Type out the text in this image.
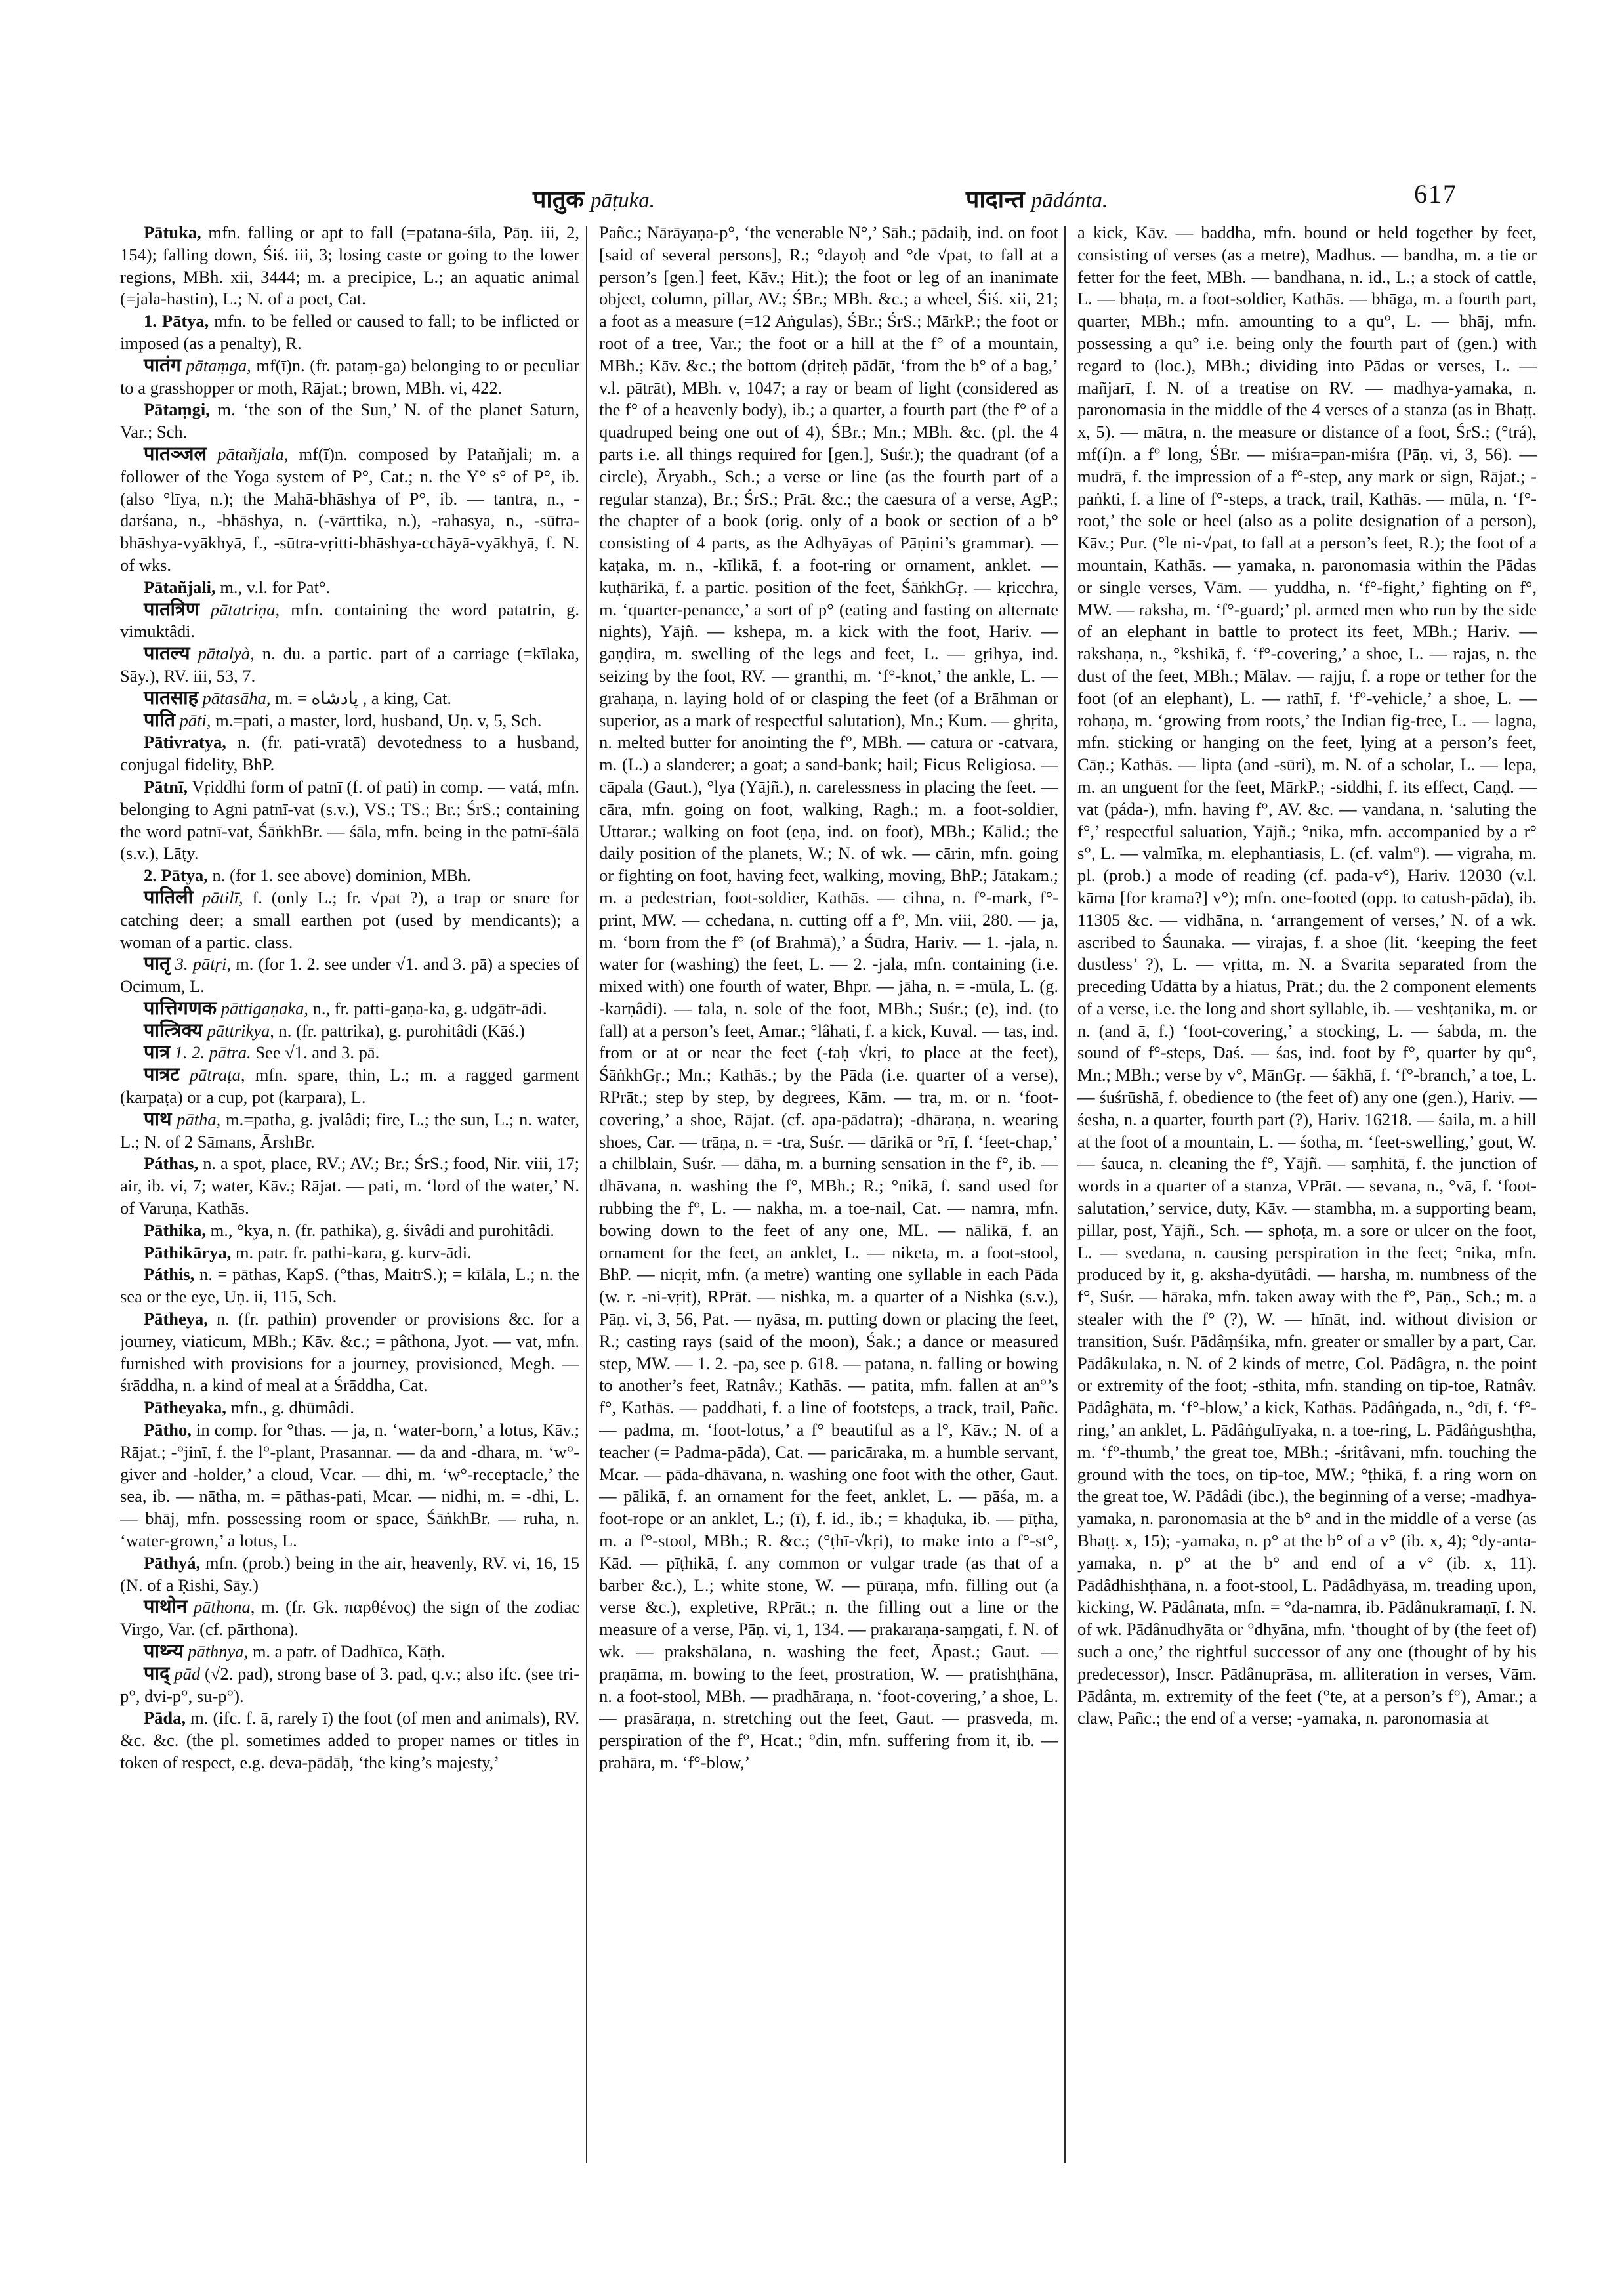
पातुक pāṭuka.	पादान्त pādánta.	617

Pātuka, mfn. falling or apt to fall (=patana-śīla, Pāṇ. iii, 2, 154); falling down, Śiś. iii, 3; losing caste or going to the lower regions, MBh. xii, 3444; m. a precipice, L.; an aquatic animal (=jala-hastin), L.; N. of a poet, Cat.

1. Pātya, mfn. to be felled or caused to fall; to be inflicted or imposed (as a penalty), R.

पातंग pātaṃga, mf(ī)n. (fr. pataṃ-ga) belonging to or peculiar to a grasshopper or moth, Rājat.; brown, MBh. vi, 422.

Pātaṃgi, m. ‘the son of the Sun,’ N. of the planet Saturn, Var.; Sch.

पातञ्जल pātañjala, mf(ī)n. composed by Patañjali; m. a follower of the Yoga system of P°, Cat.; n. the Y° s° of P°, ib. (also °līya, n.); the Mahā-bhāshya of P°, ib. — tantra, n., -darśana, n., -bhāshya, n. (-vārttika, n.), -rahasya, n., -sūtra-bhāshya-vyākhyā, f., -sūtra-vṛitti-bhāshya-cchāyā-vyākhyā, f. N. of wks.

Pātañjali, m., v.l. for Pat°.

पातत्रिण pātatriṇa, mfn. containing the word patatrin, g. vimuktâdi.

पातल्य pātalyà, n. du. a partic. part of a carriage (=kīlaka, Sāy.), RV. iii, 53, 7.

पातसाह pātasāha, m. = پادشاه , a king, Cat.

पाति pāti, m.=pati, a master, lord, husband, Uṇ. v, 5, Sch.

Pātivratya, n. (fr. pati-vratā) devotedness to a husband, conjugal fidelity, BhP.

Pātnī, Vṛiddhi form of patnī (f. of pati) in comp. — vatá, mfn. belonging to Agni patnī-vat (s.v.), VS.; TS.; Br.; ŚrS.; containing the word patnī-vat, ŚāṅkhBr. — śāla, mfn. being in the patnī-śālā (s.v.), Lāṭy.

2. Pātya, n. (for 1. see above) dominion, MBh.

पातिली pātilī, f. (only L.; fr. √pat ?), a trap or snare for catching deer; a small earthen pot (used by mendicants); a woman of a partic. class.

पातृ 3. pātṛi, m. (for 1. 2. see under √1. and 3. pā) a species of Ocimum, L.

पात्तिगणक pāttigaṇaka, n., fr. patti-gaṇa-ka, g. udgātr-ādi.

पात्त्रिक्य pāttrikya, n. (fr. pattrika), g. purohitâdi (Kāś.)

पात्र 1. 2. pātra. See √1. and 3. pā.

पात्रट pātraṭa, mfn. spare, thin, L.; m. a ragged garment (karpaṭa) or a cup, pot (karpara), L.

पाथ pātha, m.=patha, g. jvalâdi; fire, L.; the sun, L.; n. water, L.; N. of 2 Sāmans, ĀrshBr.

Páthas, n. a spot, place, RV.; AV.; Br.; ŚrS.; food, Nir. viii, 17; air, ib. vi, 7; water, Kāv.; Rājat. — pati, m. ‘lord of the water,’ N. of Varuṇa, Kathās.

Pāthika, m., °kya, n. (fr. pathika), g. śivâdi and purohitâdi.

Pāthikārya, m. patr. fr. pathi-kara, g. kurv-ādi.

Páthis, n. = pāthas, KapS. (°thas, MaitrS.); = kīlāla, L.; n. the sea or the eye, Uṇ. ii, 115, Sch.

Pātheya, n. (fr. pathin) provender or provisions &c. for a journey, viaticum, MBh.; Kāv. &c.; = pâthona, Jyot. — vat, mfn. furnished with provisions for a journey, provisioned, Megh. — śrāddha, n. a kind of meal at a Śrāddha, Cat.

Pātheyaka, mfn., g. dhūmâdi.

Pātho, in comp. for °thas. — ja, n. ‘water-born,’ a lotus, Kāv.; Rājat.; -°jinī, f. the l°-plant, Prasannar. — da and -dhara, m. ‘w°-giver and -holder,’ a cloud, Vcar. — dhi, m. ‘w°-receptacle,’ the sea, ib. — nātha, m. = pāthas-pati, Mcar. — nidhi, m. = -dhi, L. — bhāj, mfn. possessing room or space, ŚāṅkhBr. — ruha, n. ‘water-grown,’ a lotus, L.

Pāthyá, mfn. (prob.) being in the air, heavenly, RV. vi, 16, 15 (N. of a Ṛishi, Sāy.)

पाथोन pāthona, m. (fr. Gk. παρθένος) the sign of the zodiac Virgo, Var. (cf. pārthona).

पाथ्न्य pāthnya, m. a patr. of Dadhīca, Kāṭh.

पाद् pād (√2. pad), strong base of 3. pad, q.v.; also ifc. (see tri-p°, dvi-p°, su-p°).

Pāda, m. (ifc. f. ā, rarely ī) the foot (of men and animals), RV. &c. &c. (the pl. sometimes added to proper names or titles in token of respect, e.g. deva-pādāḥ, ‘the king’s majesty,’

Pañc.; Nārāyaṇa-p°, ‘the venerable N°,’ Sāh.; pādaiḥ, ind. on foot [said of several persons], R.; °dayoḥ and °de √pat, to fall at a person’s [gen.] feet, Kāv.; Hit.); the foot or leg of an inanimate object, column, pillar, AV.; ŚBr.; MBh. &c.; a wheel, Śiś. xii, 21; a foot as a measure (=12 Aṅgulas), ŚBr.; ŚrS.; MārkP.; the foot or root of a tree, Var.; the foot or a hill at the f° of a mountain, MBh.; Kāv. &c.; the bottom (dṛiteḥ pādāt, ‘from the b° of a bag,’ v.l. pātrāt), MBh. v, 1047; a ray or beam of light (considered as the f° of a heavenly body), ib.; a quarter, a fourth part (the f° of a quadruped being one out of 4), ŚBr.; Mn.; MBh. &c. (pl. the 4 parts i.e. all things required for [gen.], Suśr.); the quadrant (of a circle), Āryabh., Sch.; a verse or line (as the fourth part of a regular stanza), Br.; ŚrS.; Prāt. &c.; the caesura of a verse, AgP.; the chapter of a book (orig. only of a book or section of a b° consisting of 4 parts, as the Adhyāyas of Pāṇini’s grammar). — kaṭaka, m. n., -kīlikā, f. a foot-ring or ornament, anklet. — kuṭhārikā, f. a partic. position of the feet, ŚāṅkhGṛ. — kṛicchra, m. ‘quarter-penance,’ a sort of p° (eating and fasting on alternate nights), Yājñ. — kshepa, m. a kick with the foot, Hariv. — gaṇḍira, m. swelling of the legs and feet, L. — gṛihya, ind. seizing by the foot, RV. — granthi, m. ‘f°-knot,’ the ankle, L. — grahaṇa, n. laying hold of or clasping the feet (of a Brāhman or superior, as a mark of respectful salutation), Mn.; Kum. — ghṛita, n. melted butter for anointing the f°, MBh. — catura or -catvara, m. (L.) a slanderer; a goat; a sand-bank; hail; Ficus Religiosa. — cāpala (Gaut.), °lya (Yājñ.), n. carelessness in placing the feet. — cāra, mfn. going on foot, walking, Ragh.; m. a foot-soldier, Uttarar.; walking on foot (eṇa, ind. on foot), MBh.; Kālid.; the daily position of the planets, W.; N. of wk. — cārin, mfn. going or fighting on foot, having feet, walking, moving, BhP.; Jātakam.; m. a pedestrian, foot-soldier, Kathās. — cihna, n. f°-mark, f°-print, MW. — cchedana, n. cutting off a f°, Mn. viii, 280. — ja, m. ‘born from the f° (of Brahmā),’ a Śūdra, Hariv. — 1. -jala, n. water for (washing) the feet, L. — 2. -jala, mfn. containing (i.e. mixed with) one fourth of water, Bhpr. — jāha, n. = -mūla, L. (g. -karṇâdi). — tala, n. sole of the foot, MBh.; Suśr.; (e), ind. (to fall) at a person’s feet, Amar.; °lâhati, f. a kick, Kuval. — tas, ind. from or at or near the feet (-taḥ √kṛi, to place at the feet), ŚāṅkhGṛ.; Mn.; Kathās.; by the Pāda (i.e. quarter of a verse), RPrāt.; step by step, by degrees, Kām. — tra, m. or n. ‘foot-covering,’ a shoe, Rājat. (cf. apa-pādatra); -dhāraṇa, n. wearing shoes, Car. — trāṇa, n. = -tra, Suśr. — dārikā or °rī, f. ‘feet-chap,’ a chilblain, Suśr. — dāha, m. a burning sensation in the f°, ib. — dhāvana, n. washing the f°, MBh.; R.; °nikā, f. sand used for rubbing the f°, L. — nakha, m. a toe-nail, Cat. — namra, mfn. bowing down to the feet of any one, ML. — nālikā, f. an ornament for the feet, an anklet, L. — niketa, m. a foot-stool, BhP. — nicṛit, mfn. (a metre) wanting one syllable in each Pāda (w. r. -ni-vṛit), RPrāt. — nishka, m. a quarter of a Nishka (s.v.), Pāṇ. vi, 3, 56, Pat. — nyāsa, m. putting down or placing the feet, R.; casting rays (said of the moon), Śak.; a dance or measured step, MW. — 1. 2. -pa, see p. 618. — patana, n. falling or bowing to another’s feet, Ratnâv.; Kathās. — patita, mfn. fallen at an°’s f°, Kathās. — paddhati, f. a line of footsteps, a track, trail, Pañc. — padma, m. ‘foot-lotus,’ a f° beautiful as a l°, Kāv.; N. of a teacher (= Padma-pāda), Cat. — paricāraka, m. a humble servant, Mcar. — pāda-dhāvana, n. washing one foot with the other, Gaut. — pālikā, f. an ornament for the feet, anklet, L. — pāśa, m. a foot-rope or an anklet, L.; (ī), f. id., ib.; = khaḍuka, ib. — pīṭha, m. a f°-stool, MBh.; R. &c.; (°ṭhī-√kṛi), to make into a f°-st°, Kād. — pīṭhikā, f. any common or vulgar trade (as that of a barber &c.), L.; white stone, W. — pūraṇa, mfn. filling out (a verse &c.), expletive, RPrāt.; n. the filling out a line or the measure of a verse, Pāṇ. vi, 1, 134. — prakaraṇa-saṃgati, f. N. of wk. — prakshālana, n. washing the feet, Āpast.; Gaut. — praṇāma, m. bowing to the feet, prostration, W. — pratishṭhāna, n. a foot-stool, MBh. — pradhāraṇa, n. ‘foot-covering,’ a shoe, L. — prasāraṇa, n. stretching out the feet, Gaut. — prasveda, m. perspiration of the f°, Hcat.; °din, mfn. suffering from it, ib. — prahāra, m. ‘f°-blow,’

a kick, Kāv. — baddha, mfn. bound or held together by feet, consisting of verses (as a metre), Madhus. — bandha, m. a tie or fetter for the feet, MBh. — bandhana, n. id., L.; a stock of cattle, L. — bhaṭa, m. a foot-soldier, Kathās. — bhāga, m. a fourth part, quarter, MBh.; mfn. amounting to a qu°, L. — bhāj, mfn. possessing a qu° i.e. being only the fourth part of (gen.) with regard to (loc.), MBh.; dividing into Pādas or verses, L. — mañjarī, f. N. of a treatise on RV. — madhya-yamaka, n. paronomasia in the middle of the 4 verses of a stanza (as in Bhaṭṭ. x, 5). — mātra, n. the measure or distance of a foot, ŚrS.; (°trá), mf(í)n. a f° long, ŚBr. — miśra=pan-miśra (Pāṇ. vi, 3, 56). — mudrā, f. the impression of a f°-step, any mark or sign, Rājat.; -paṅkti, f. a line of f°-steps, a track, trail, Kathās. — mūla, n. ‘f°-root,’ the sole or heel (also as a polite designation of a person), Kāv.; Pur. (°le ni-√pat, to fall at a person’s feet, R.); the foot of a mountain, Kathās. — yamaka, n. paronomasia within the Pādas or single verses, Vām. — yuddha, n. ‘f°-fight,’ fighting on f°, MW. — raksha, m. ‘f°-guard;’ pl. armed men who run by the side of an elephant in battle to protect its feet, MBh.; Hariv. — rakshaṇa, n., °kshikā, f. ‘f°-covering,’ a shoe, L. — rajas, n. the dust of the feet, MBh.; Mālav. — rajju, f. a rope or tether for the foot (of an elephant), L. — rathī, f. ‘f°-vehicle,’ a shoe, L. — rohaṇa, m. ‘growing from roots,’ the Indian fig-tree, L. — lagna, mfn. sticking or hanging on the feet, lying at a person’s feet, Cāṇ.; Kathās. — lipta (and -sūri), m. N. of a scholar, L. — lepa, m. an unguent for the feet, MārkP.; -siddhi, f. its effect, Caṇḍ. — vat (páda-), mfn. having f°, AV. &c. — vandana, n. ‘saluting the f°,’ respectful saluation, Yājñ.; °nika, mfn. accompanied by a r° s°, L. — valmīka, m. elephantiasis, L. (cf. valm°). — vigraha, m. pl. (prob.) a mode of reading (cf. pada-v°), Hariv. 12030 (v.l. kāma [for krama?] v°); mfn. one-footed (opp. to catush-pāda), ib. 11305 &c. — vidhāna, n. ‘arrangement of verses,’ N. of a wk. ascribed to Śaunaka. — virajas, f. a shoe (lit. ‘keeping the feet dustless’ ?), L. — vṛitta, m. N. a Svarita separated from the preceding Udātta by a hiatus, Prāt.; du. the 2 component elements of a verse, i.e. the long and short syllable, ib. — veshṭanika, m. or n. (and ā, f.) ‘foot-covering,’ a stocking, L. — śabda, m. the sound of f°-steps, Daś. — śas, ind. foot by f°, quarter by qu°, Mn.; MBh.; verse by v°, MānGṛ. — śākhā, f. ‘f°-branch,’ a toe, L. — śuśrūshā, f. obedience to (the feet of) any one (gen.), Hariv. — śesha, n. a quarter, fourth part (?), Hariv. 16218. — śaila, m. a hill at the foot of a mountain, L. — śotha, m. ‘feet-swelling,’ gout, W. — śauca, n. cleaning the f°, Yājñ. — saṃhitā, f. the junction of words in a quarter of a stanza, VPrāt. — sevana, n., °vā, f. ‘foot-salutation,’ service, duty, Kāv. — stambha, m. a supporting beam, pillar, post, Yājñ., Sch. — sphoṭa, m. a sore or ulcer on the foot, L. — svedana, n. causing perspiration in the feet; °nika, mfn. produced by it, g. aksha-dyūtâdi. — harsha, m. numbness of the f°, Suśr. — hāraka, mfn. taken away with the f°, Pāṇ., Sch.; m. a stealer with the f° (?), W. — hīnāt, ind. without division or transition, Suśr. Pādâṃśika, mfn. greater or smaller by a part, Car. Pādâkulaka, n. N. of 2 kinds of metre, Col. Pādâgra, n. the point or extremity of the foot; -sthita, mfn. standing on tip-toe, Ratnâv. Pādâghāta, m. ‘f°-blow,’ a kick, Kathās. Pādâṅgada, n., °dī, f. ‘f°-ring,’ an anklet, L. Pādâṅgulīyaka, n. a toe-ring, L. Pādâṅgushṭha, m. ‘f°-thumb,’ the great toe, MBh.; -śritâvani, mfn. touching the ground with the toes, on tip-toe, MW.; °ṭhikā, f. a ring worn on the great toe, W. Pādâdi (ibc.), the beginning of a verse; -madhya-yamaka, n. paronomasia at the b° and in the middle of a verse (as Bhaṭṭ. x, 15); -yamaka, n. p° at the b° of a v° (ib. x, 4); °dy-anta-yamaka, n. p° at the b° and end of a v° (ib. x, 11). Pādâdhishṭhāna, n. a foot-stool, L. Pādâdhyāsa, m. treading upon, kicking, W. Pādânata, mfn. = °da-namra, ib. Pādânukramaṇī, f. N. of wk. Pādânudhyāta or °dhyāna, mfn. ‘thought of by (the feet of) such a one,’ the rightful successor of any one (thought of by his predecessor), Inscr. Pādânuprāsa, m. alliteration in verses, Vām. Pādânta, m. extremity of the feet (°te, at a person’s f°), Amar.; a claw, Pañc.; the end of a verse; -yamaka, n. paronomasia at
